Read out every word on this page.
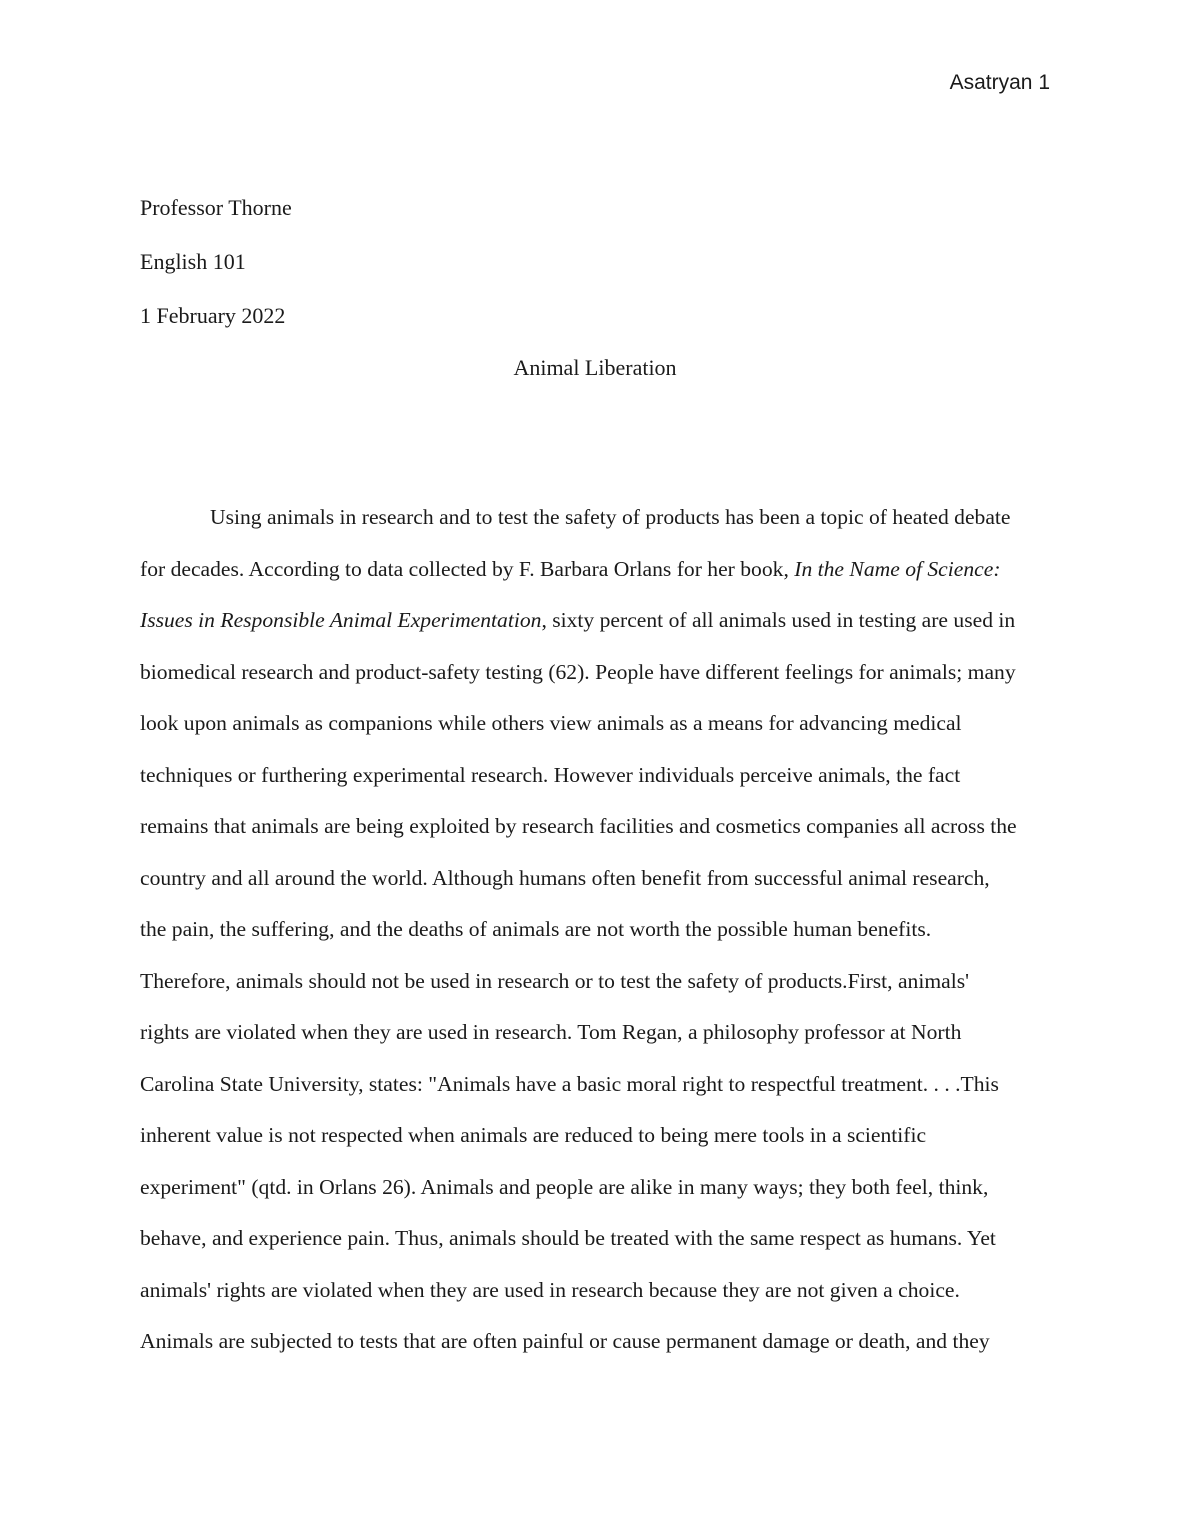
Asatryan 1
Professor Thorne
English 101
1 February 2022
Animal Liberation
Using animals in research and to test the safety of products has been a topic of heated debate
for decades. According to data collected by F. Barbara Orlans for her book, In the Name of Science:
Issues in Responsible Animal Experimentation, sixty percent of all animals used in testing are used in
biomedical research and product-safety testing (62). People have different feelings for animals; many
look upon animals as companions while others view animals as a means for advancing medical
techniques or furthering experimental research. However individuals perceive animals, the fact
remains that animals are being exploited by research facilities and cosmetics companies all across the
country and all around the world. Although humans often benefit from successful animal research,
the pain, the suffering, and the deaths of animals are not worth the possible human benefits.
Therefore, animals should not be used in research or to test the safety of products.First, animals'
rights are violated when they are used in research. Tom Regan, a philosophy professor at North
Carolina State University, states: "Animals have a basic moral right to respectful treatment. . . .This
inherent value is not respected when animals are reduced to being mere tools in a scientific
experiment" (qtd. in Orlans 26). Animals and people are alike in many ways; they both feel, think,
behave, and experience pain. Thus, animals should be treated with the same respect as humans. Yet
animals' rights are violated when they are used in research because they are not given a choice.
Animals are subjected to tests that are often painful or cause permanent damage or death, and they
